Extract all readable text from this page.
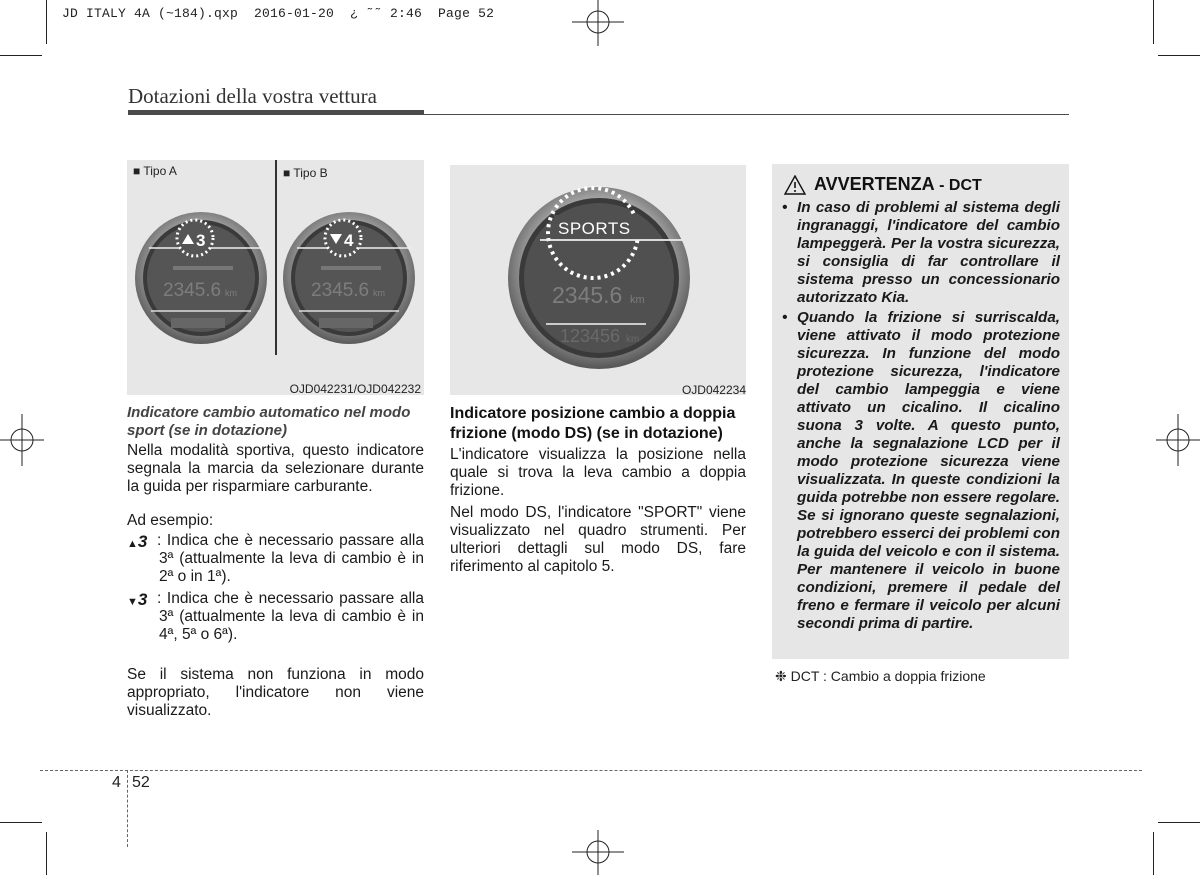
JD ITALY 4A (~184).qxp  2016-01-20  ¿ ˜˜ 2:46  Page 52
Dotazioni della vostra vettura
■ Tipo A	■ Tipo B
3
2345.6 km
4
2345.6 km
OJD042231/OJD042232
Indicatore cambio automatico nel modo sport (se in dotazione)
Nella modalità sportiva, questo indicatore segnala la marcia da selezionare durante la guida per risparmiare carburante.
Ad esempio:
▲3 : Indica che è necessario passare alla 3ª (attualmente la leva di cambio è in 2ª o in 1ª).
▼3 : Indica che è necessario passare alla 3ª (attualmente la leva di cambio è in 4ª, 5ª o 6ª).
Se il sistema non funziona in modo appropriato, l'indicatore non viene visualizzato.
SPORTS
2345.6 km
123456 km
OJD042234
Indicatore posizione cambio a doppia frizione (modo DS) (se in dotazione)
L'indicatore visualizza la posizione nella quale si trova la leva cambio a doppia frizione.
Nel modo DS, l'indicatore "SPORT" viene visualizzato nel quadro strumenti. Per ulteriori dettagli sul modo DS, fare riferimento al capitolo 5.
AVVERTENZA - DCT
• In caso di problemi al sistema degli ingranaggi, l'indicatore del cambio lampeggerà. Per la vostra sicurezza, si consiglia di far controllare il sistema presso un concessionario autorizzato Kia.
• Quando la frizione si surriscalda, viene attivato il modo protezione sicurezza. In funzione del modo protezione sicurezza, l'indicatore del cambio lampeggia e viene attivato un cicalino. Il cicalino suona 3 volte. A questo punto, anche la segnalazione LCD per il modo protezione sicurezza viene visualizzata. In queste condizioni la guida potrebbe non essere regolare. Se si ignorano queste segnalazioni, potrebbero esserci dei problemi con la guida del veicolo e con il sistema. Per mantenere il veicolo in buone condizioni, premere il pedale del freno e fermare il veicolo per alcuni secondi prima di partire.
❉ DCT : Cambio a doppia frizione
4 52
